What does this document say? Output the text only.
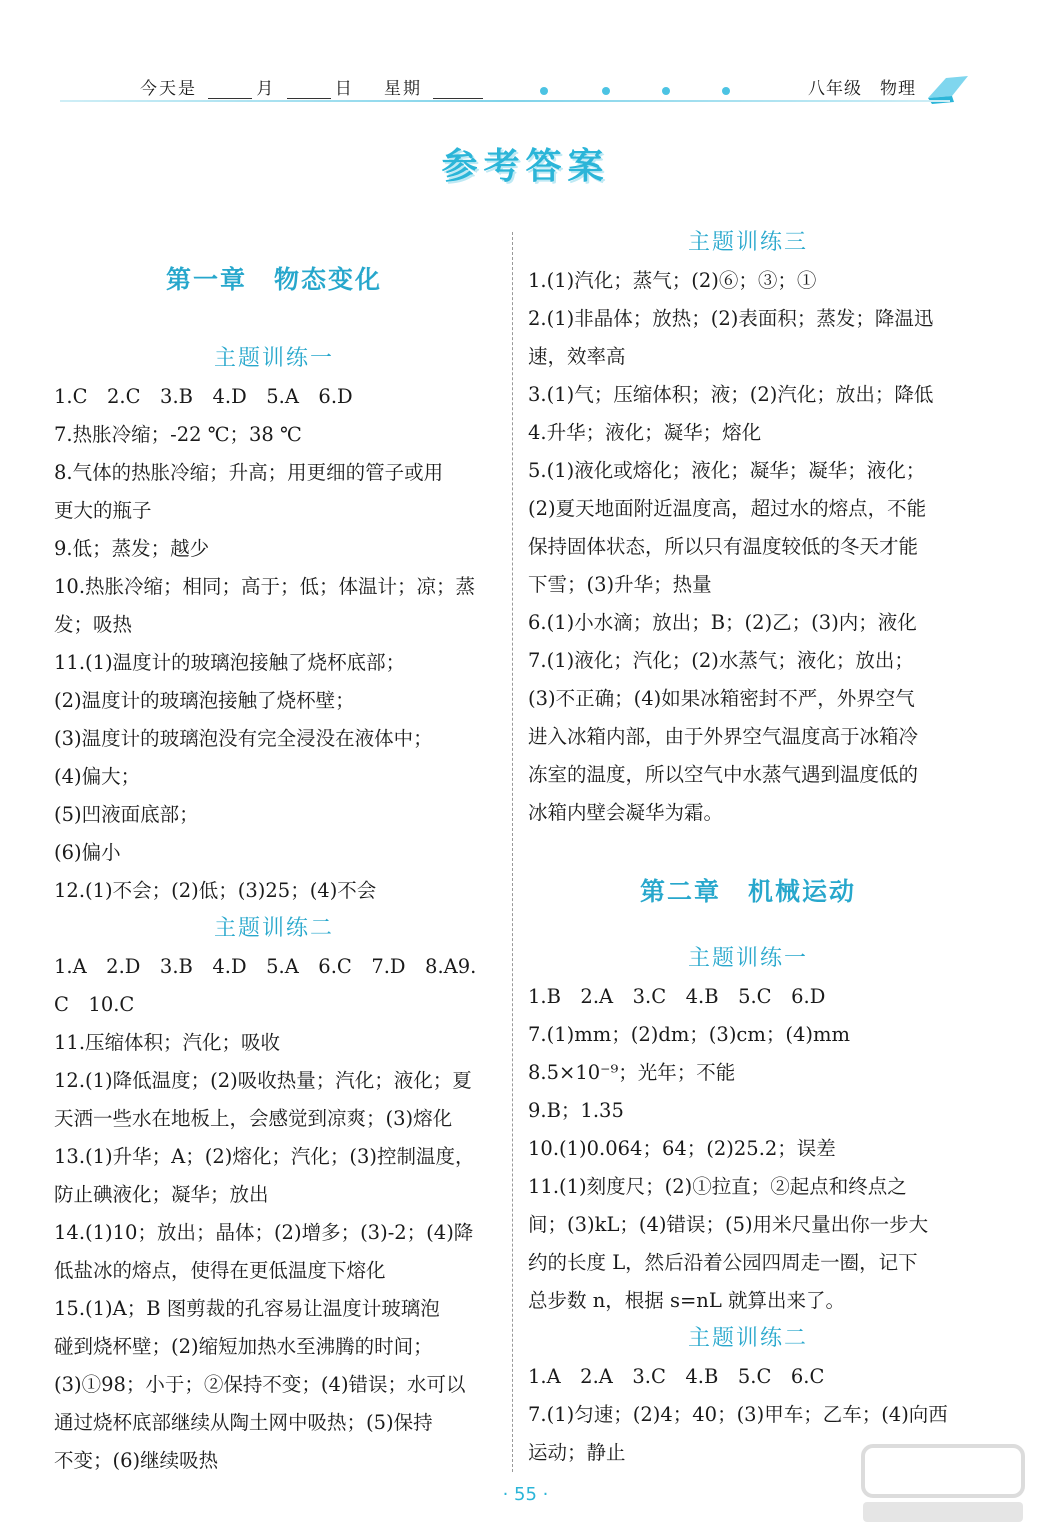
今天是	月	日 星期	八年级　 物理
参考答案
第一章　物态变化
主题训练一
1.C　2.C　3.B　4.D　5.A　6.D
7.热胀冷缩；-22 ℃；38 ℃
8.气体的热胀冷缩；升高；用更细的管子或用
更大的瓶子
9.低；蒸发；越少
10.热胀冷缩；相同；高于；低；体温计；凉；蒸
发；吸热
11.(1)温度计的玻璃泡接触了烧杯底部；
(2)温度计的玻璃泡接触了烧杯壁；
(3)温度计的玻璃泡没有完全浸没在液体中；
(4)偏大；
(5)凹液面底部；
(6)偏小
12.(1)不会；(2)低；(3)25；(4)不会
主题训练二
1.A　2.D　3.B　4.D　5.A　6.C　7.D　8.A9.
C　10.C
11.压缩体积；汽化；吸收
12.(1)降低温度；(2)吸收热量；汽化；液化；夏
天洒一些水在地板上，会感觉到凉爽；(3)熔化
13.(1)升华；A；(2)熔化；汽化；(3)控制温度，
防止碘液化；凝华；放出
14.(1)10；放出；晶体；(2)增多；(3)-2；(4)降
低盐冰的熔点，使得在更低温度下熔化
15.(1)A；B 图剪裁的孔容易让温度计玻璃泡
碰到烧杯壁；(2)缩短加热水至沸腾的时间；
(3)①98；小于；②保持不变；(4)错误；水可以
通过烧杯底部继续从陶土网中吸热；(5)保持
不变；(6)继续吸热
主题训练三
1.(1)汽化；蒸气；(2)⑥；③；①
2.(1)非晶体；放热；(2)表面积；蒸发；降温迅
速，效率高
3.(1)气；压缩体积；液；(2)汽化；放出；降低
4.升华；液化；凝华；熔化
5.(1)液化或熔化；液化；凝华；凝华；液化；
(2)夏天地面附近温度高，超过水的熔点，不能
保持固体状态，所以只有温度较低的冬天才能
下雪；(3)升华；热量
6.(1)小水滴；放出；B；(2)乙；(3)内；液化
7.(1)液化；汽化；(2)水蒸气；液化；放出；
(3)不正确；(4)如果冰箱密封不严，外界空气
进入冰箱内部，由于外界空气温度高于冰箱冷
冻室的温度，所以空气中水蒸气遇到温度低的
冰箱内壁会凝华为霜。
第二章　机械运动
主题训练一
1.B　2.A　3.C　4.B　5.C　6.D
7.(1)mm；(2)dm；(3)cm；(4)mm
8.5×10⁻⁹；光年；不能
9.B；1.35
10.(1)0.064；64；(2)25.2；误差
11.(1)刻度尺；(2)①拉直；②起点和终点之
间；(3)kL；(4)错误；(5)用米尺量出你一步大
约的长度 L，然后沿着公园四周走一圈，记下
总步数 n，根据 s=nL 就算出来了。
主题训练二
1.A　2.A　3.C　4.B　5.C　6.C
7.(1)匀速；(2)4；40；(3)甲车；乙车；(4)向西
运动；静止
· 55 ·
